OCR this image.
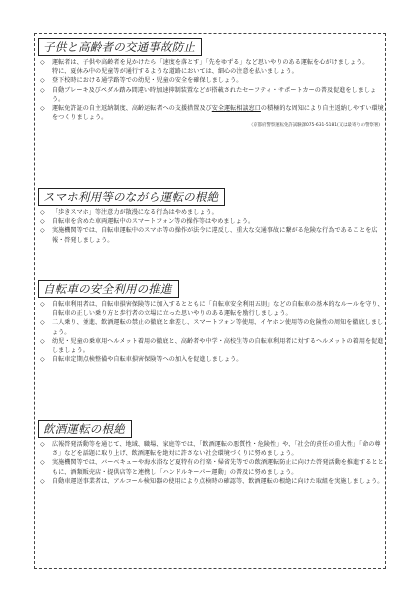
子供と高齢者の交通事故防止
◇ 運転者は、子供や高齢者を見かけたら「速度を落とす」「先をゆずる」など思いやりのある運転を心がけましょう。
特に、夏休み中の児童等が通行するような道路においては、細心の注意を払いましょう。
◇ 登下校時における通学路等での幼児・児童の安全を確保しましょう。
◇ 自動ブレーキ及びペダル踏み間違い時加速抑制装置などが搭載されたセーフティ・サポートカーの普及促進をしましょう。
◇ 運転免許証の自主返納制度、高齢运転者への支援措置及び安全運転相談窓口の積極的な周知により自主返納しやすい環境をつくりましょう。
（京都府警察運転免許試験課075-631-5181(又は最寄りの警察署)
スマホ利用等のながら運転の根絶
◇ 「歩きスマホ」等注意力が散漫になる行為はやめましょう。
◇ 自転車を含めた車両運転中のスマートフォン等の操作等はやめましょう。
◇ 実施機関等では、自転車運転中のスマホ等の操作が法令に違反し、重大な交通事故に繋がる危険な行為であることを広報・啓発しましょう。
自転車の安全利用の推進
◇ 自転車利用者は、自転車損害保険等に加入するとともに「自転車安全利用五則」などの自転車の基本的なルールを守り、自転車の正しい乗り方と歩行者の立場に立った思いやりのある運転を励行しましょう。
◇ 二人乗り、並進、飲酒運転の禁止の徹底と傘差し、スマートフォン等使用、イヤホン使用等の危険性の周知を徹底しましょう。
◇ 幼児・児童の乗車用ヘルメット着用の徹底と、高齢者や中学・高校生等の自転車利用者に対するヘルメットの着用を促進しましょう。
◇ 自転車定期点検整備や自転車損害保険等への加入を促進しましょう。
飲酒運転の根絶
◇ 広報啓発活動等を通じて、地域、職場、家庭等では、「飲酒運転の悪質性・危険性」や、「社会的責任の重大性」「命の尊さ」などを話題に取り上げ、飲酒運転を絶対に許さない社会環境づくりに努めましょう。
◇ 実施機関等では、バーベキューや海水浴など夏特有の行楽・帰省先等での飲酒運転防止に向けた啓発活動を推進するとともに、酒類販売店・提供店等と連携し「ハンドルキーパー運動」の普及に努めましょう。
◇ 自動車運送事業者は、アルコール検知器の使用により点検時の確認等、飲酒運転の根絶に向けた取組を実施しましょう。
